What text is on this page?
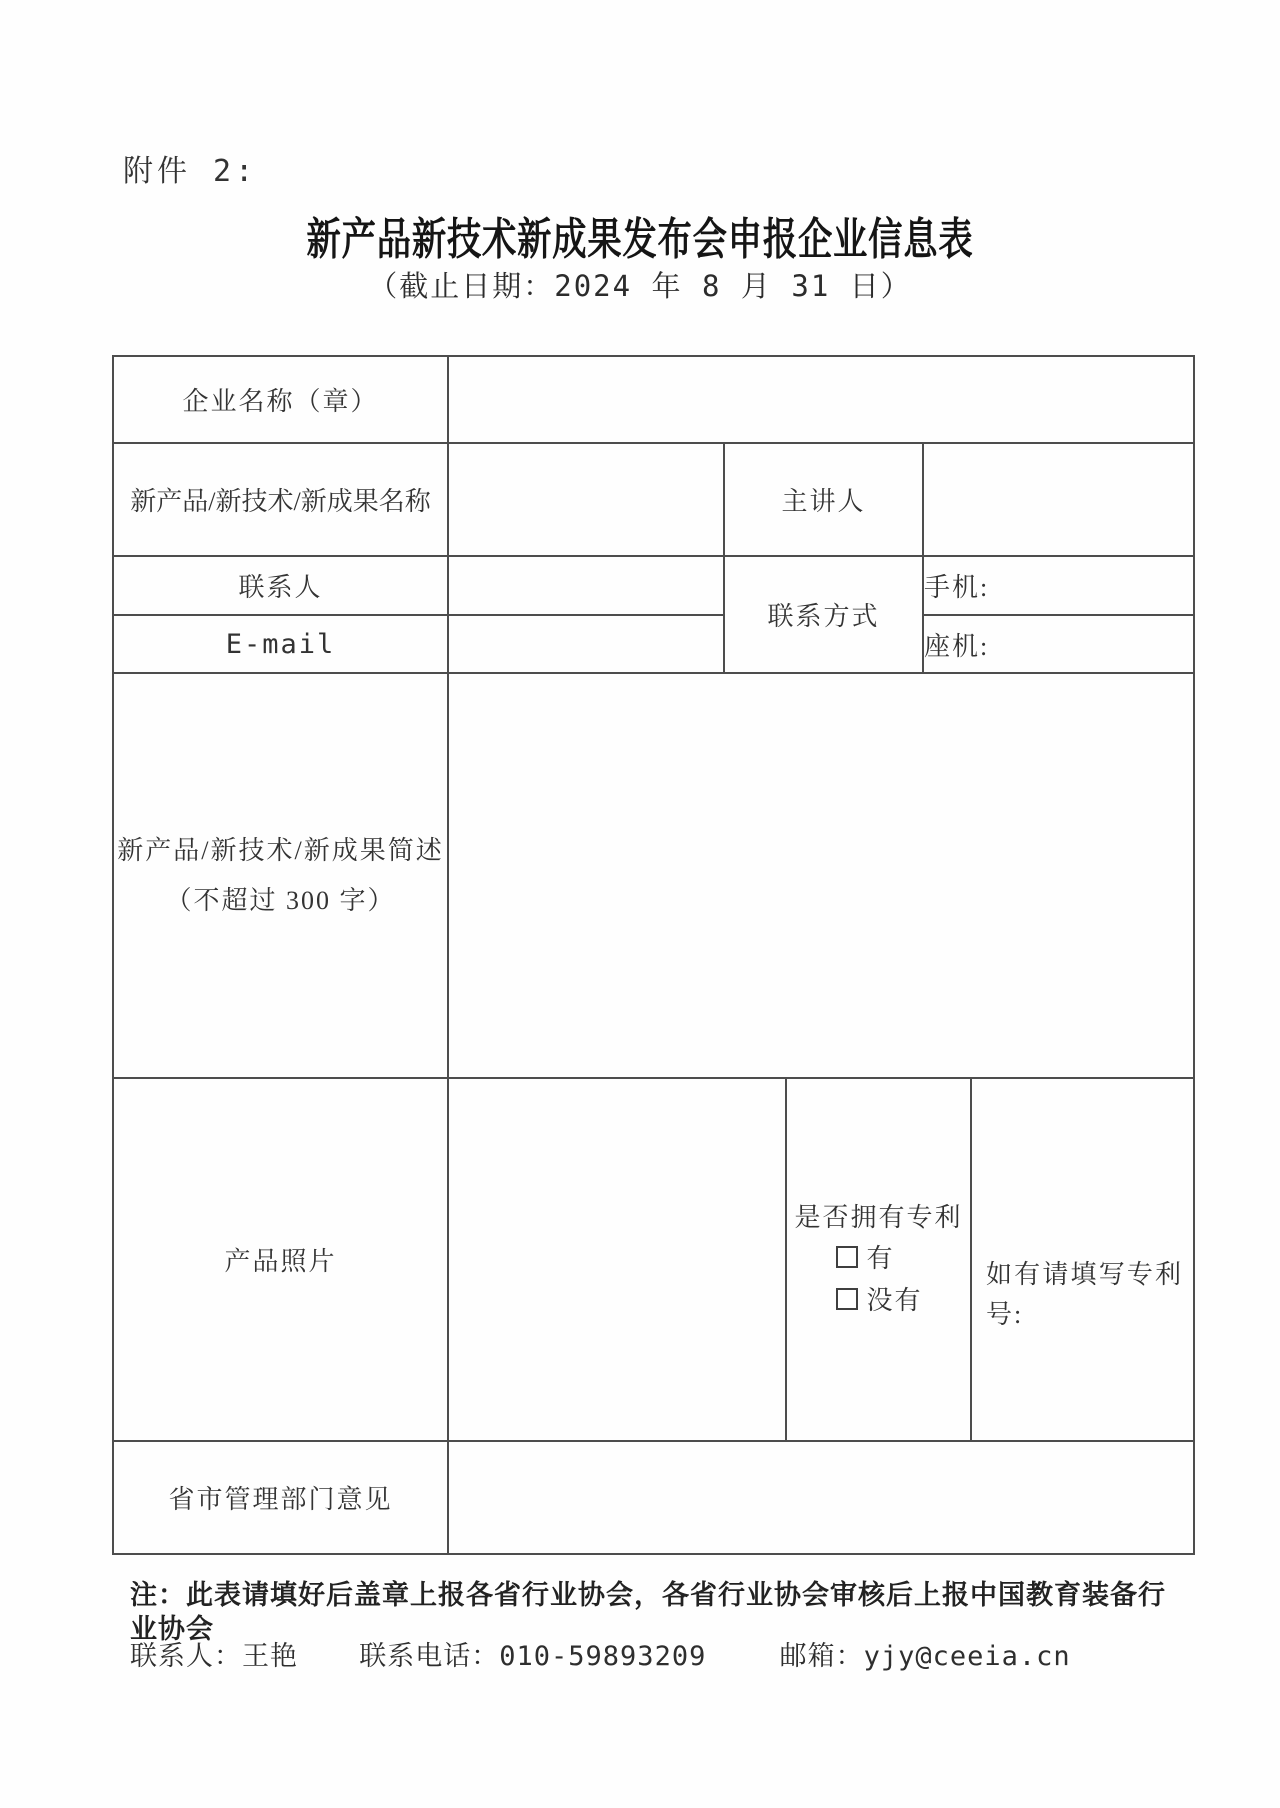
附件 2:
新产品新技术新成果发布会申报企业信息表
（截止日期：2024 年 8 月 31 日）
企业名称（章）					
新产品/新技术/新成果名称		主讲人			
联系人		联系方式		手机:	
E-mail				座机:	

新产品/新技术/新成果简述
（不超过 300 字）					

产品照片			是否拥有专利
有
没有		如有请填写专利号:

省市管理部门意见					
注：此表请填好后盖章上报各省行业协会，各省行业协会审核后上报中国教育装备行业协会
联系人：王艳 联系电话：010-59893209	邮箱：yjy@ceeia.cn
